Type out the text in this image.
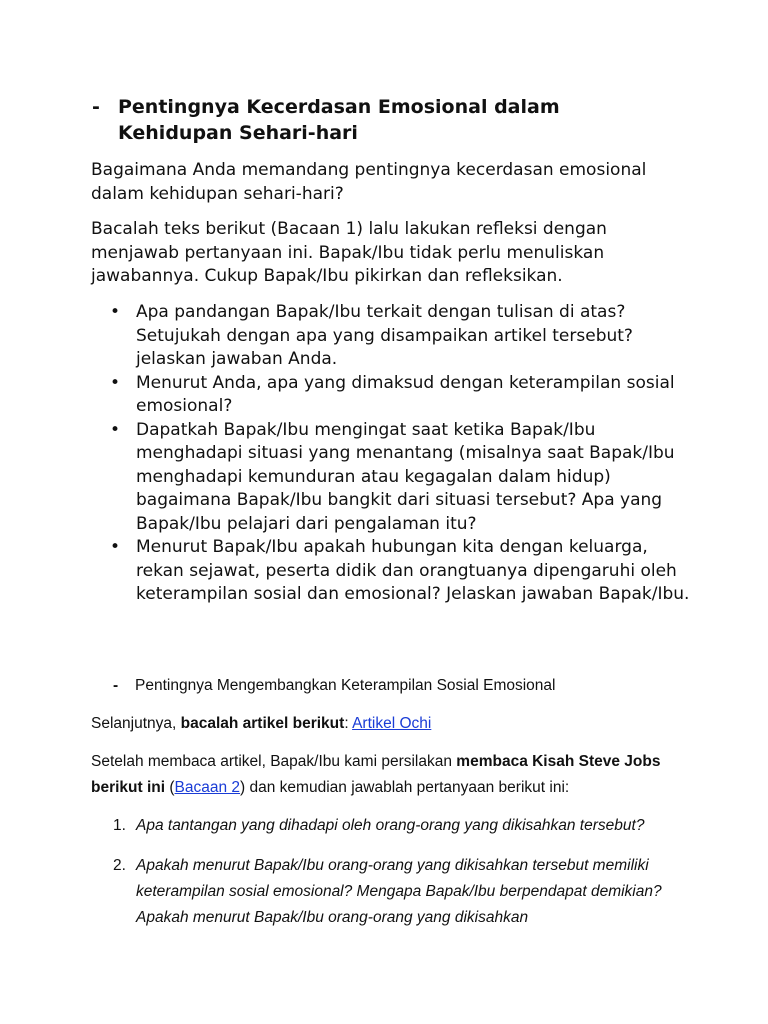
- Pentingnya Kecerdasan Emosional dalam Kehidupan Sehari-hari
Bagaimana Anda memandang pentingnya kecerdasan emosional dalam kehidupan sehari-hari?
Bacalah teks berikut (Bacaan 1) lalu lakukan refleksi dengan menjawab pertanyaan ini. Bapak/Ibu tidak perlu menuliskan jawabannya. Cukup Bapak/Ibu pikirkan dan refleksikan.
• Apa pandangan Bapak/Ibu terkait dengan tulisan di atas? Setujukah dengan apa yang disampaikan artikel tersebut? jelaskan jawaban Anda.
• Menurut Anda, apa yang dimaksud dengan keterampilan sosial emosional?
• Dapatkah Bapak/Ibu mengingat saat ketika Bapak/Ibu menghadapi situasi yang menantang (misalnya saat Bapak/Ibu menghadapi kemunduran atau kegagalan dalam hidup) bagaimana Bapak/Ibu bangkit dari situasi tersebut? Apa yang Bapak/Ibu pelajari dari pengalaman itu?
• Menurut Bapak/Ibu apakah hubungan kita dengan keluarga, rekan sejawat, peserta didik dan orangtuanya dipengaruhi oleh keterampilan sosial dan emosional? Jelaskan jawaban Bapak/Ibu.
- Pentingnya Mengembangkan Keterampilan Sosial Emosional
Selanjutnya, bacalah artikel berikut: Artikel Ochi
Setelah membaca artikel, Bapak/Ibu kami persilakan membaca Kisah Steve Jobs berikut ini (Bacaan 2) dan kemudian jawablah pertanyaan berikut ini:
1. Apa tantangan yang dihadapi oleh orang-orang yang dikisahkan tersebut?
2. Apakah menurut Bapak/Ibu orang-orang yang dikisahkan tersebut memiliki keterampilan sosial emosional? Mengapa Bapak/Ibu berpendapat demikian? Apakah menurut Bapak/Ibu orang-orang yang dikisahkan
